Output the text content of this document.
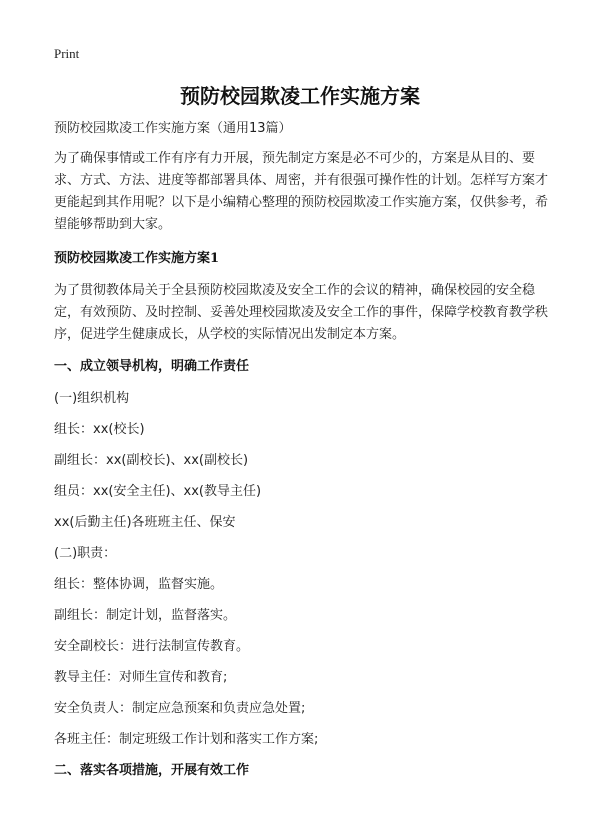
Print
预防校园欺凌工作实施方案

预防校园欺凌工作实施方案（通用13篇）

为了确保事情或工作有序有力开展，预先制定方案是必不可少的，方案是从目的、要求、方式、方法、进度等都部署具体、周密，并有很强可操作性的计划。怎样写方案才更能起到其作用呢？以下是小编精心整理的预防校园欺凌工作实施方案，仅供参考，希望能够帮助到大家。

预防校园欺凌工作实施方案1

为了贯彻教体局关于全县预防校园欺凌及安全工作的会议的精神，确保校园的安全稳定，有效预防、及时控制、妥善处理校园欺凌及安全工作的事件，保障学校教育教学秩序，促进学生健康成长，从学校的实际情况出发制定本方案。

一、成立领导机构，明确工作责任

(一)组织机构

组长：xx(校长)

副组长：xx(副校长)、xx(副校长)

组员：xx(安全主任)、xx(教导主任)

xx(后勤主任)各班班主任、保安

(二)职责：

组长：整体协调，监督实施。

副组长：制定计划，监督落实。

安全副校长：进行法制宣传教育。

教导主任：对师生宣传和教育;

安全负责人：制定应急预案和负责应急处置;

各班主任：制定班级工作计划和落实工作方案;

二、落实各项措施，开展有效工作
